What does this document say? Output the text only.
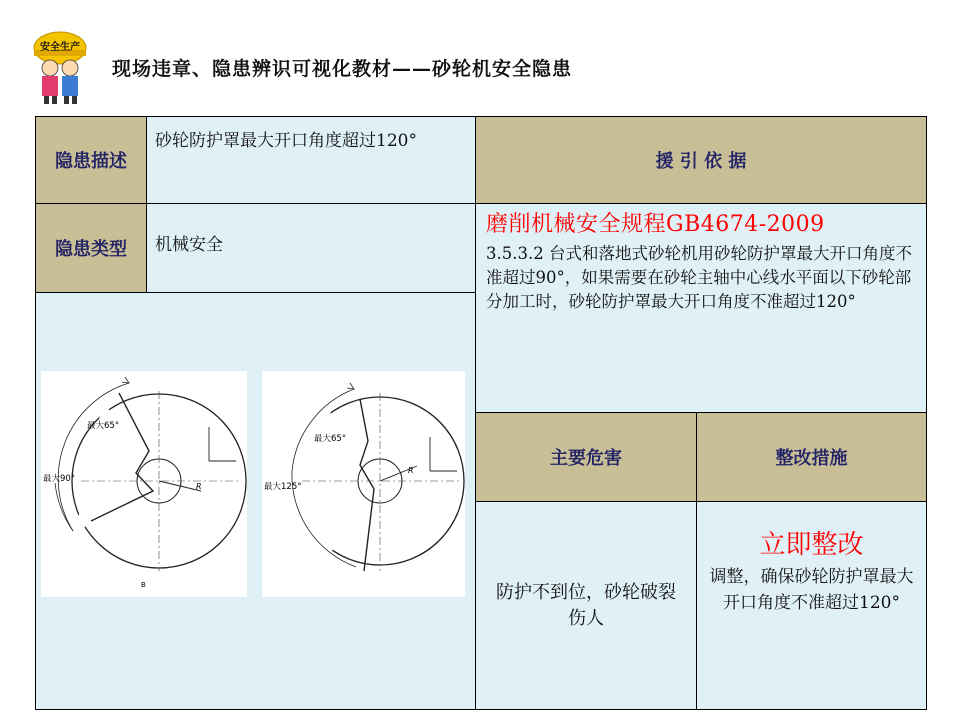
安全生产
现场违章、隐患辨识可视化教材——砂轮机安全隐患
隐患描述
砂轮防护罩最大开口角度超过120°
援 引 依 据
隐患类型	机械安全
磨削机械安全规程GB4674-2009
3.5.3.2 台式和落地式砂轮机用砂轮防护罩最大开口角度不准超过90°，如果需要在砂轮主轴中心线水平面以下砂轮部分加工时，砂轮防护罩最大开口角度不准超过120°
最大65°
最大90°
R
B
最大65°
最大125°
R
主要危害	整改措施
防护不到位，砂轮破裂伤人
立即整改
调整，确保砂轮防护罩最大开口角度不准超过120°
